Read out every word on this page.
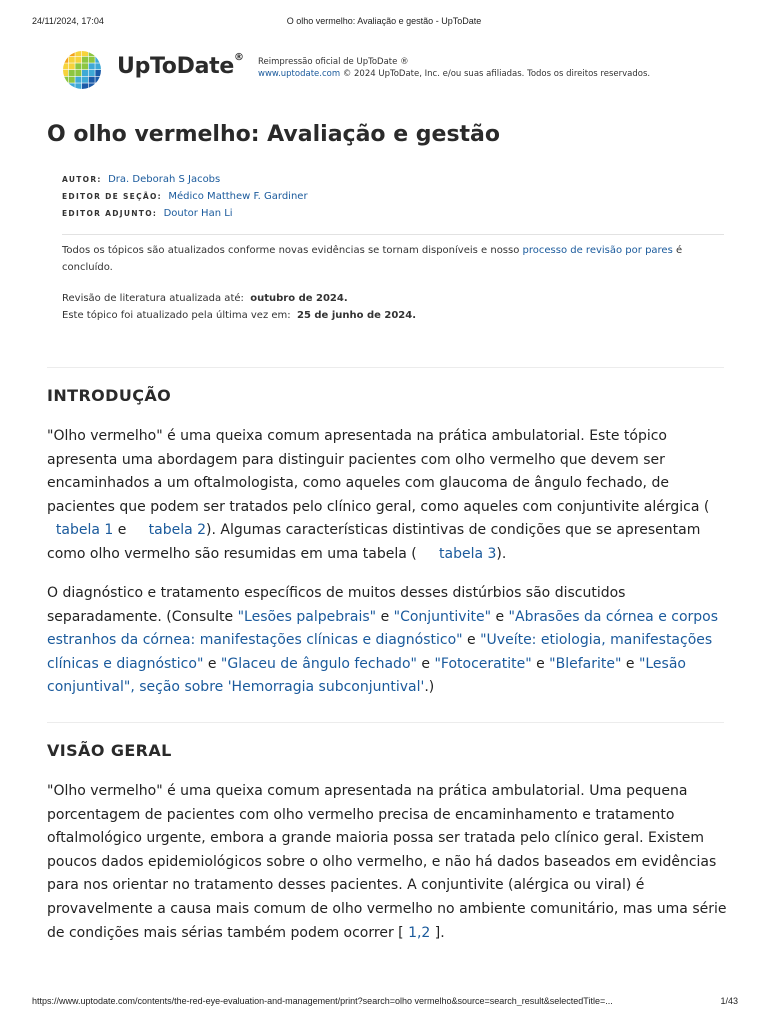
24/11/2024, 17:04	O olho vermelho: Avaliação e gestão - UpToDate
UpToDate® Reimpressão oficial de UpToDate ®
www.uptodate.com © 2024 UpToDate, Inc. e/ou suas afiliadas. Todos os direitos reservados.
O olho vermelho: Avaliação e gestão
AUTOR: Dra. Deborah S Jacobs
EDITOR DE SEÇÃO: Médico Matthew F. Gardiner
EDITOR ADJUNTO: Doutor Han Li
Todos os tópicos são atualizados conforme novas evidências se tornam disponíveis e nosso processo de revisão por pares é concluído.
Revisão de literatura atualizada até: outubro de 2024.
Este tópico foi atualizado pela última vez em: 25 de junho de 2024.
INTRODUÇÃO

"Olho vermelho" é uma queixa comum apresentada na prática ambulatorial. Este tópico apresenta uma abordagem para distinguir pacientes com olho vermelho que devem ser encaminhados a um oftalmologista, como aqueles com glaucoma de ângulo fechado, de pacientes que podem ser tratados pelo clínico geral, como aqueles com conjuntivite alérgica (     tabela 1 e     tabela 2). Algumas características distintivas de condições que se apresentam como olho vermelho são resumidas em uma tabela ( tabela 3).

O diagnóstico e tratamento específicos de muitos desses distúrbios são discutidos separadamente. (Consulte "Lesões palpebrais" e "Conjuntivite" e "Abrasões da córnea e corpos estranhos da córnea: manifestações clínicas e diagnóstico" e "Uveíte: etiologia, manifestações clínicas e diagnóstico" e "Glaceu de ângulo fechado" e "Fotoceratite" e "Blefarite" e "Lesão conjuntival", seção sobre 'Hemorragia subconjuntival'.)

VISÃO GERAL

"Olho vermelho" é uma queixa comum apresentada na prática ambulatorial. Uma pequena porcentagem de pacientes com olho vermelho precisa de encaminhamento e tratamento oftalmológico urgente, embora a grande maioria possa ser tratada pelo clínico geral. Existem poucos dados epidemiológicos sobre o olho vermelho, e não há dados baseados em evidências para nos orientar no tratamento desses pacientes. A conjuntivite (alérgica ou viral) é provavelmente a causa mais comum de olho vermelho no ambiente comunitário, mas uma série de condições mais sérias também podem ocorrer [ 1,2 ].

https://www.uptodate.com/contents/the-red-eye-evaluation-and-management/print?search=olho vermelho&source=search_result&selectedTitle=...	1/43
